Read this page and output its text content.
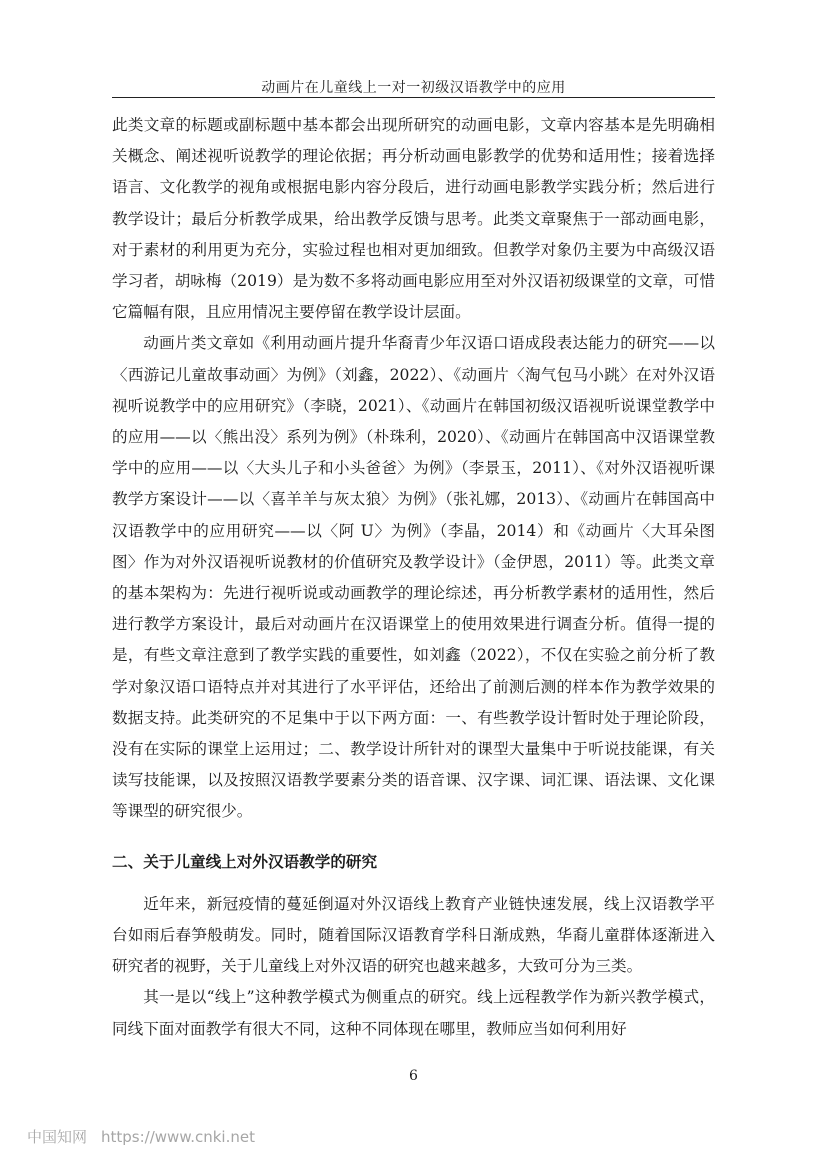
动画片在儿童线上一对一初级汉语教学中的应用

此类文章的标题或副标题中基本都会出现所研究的动画电影，文章内容基本是先明确相关概念、阐述视听说教学的理论依据；再分析动画电影教学的优势和适用性；接着选择语言、文化教学的视角或根据电影内容分段后，进行动画电影教学实践分析；然后进行教学设计；最后分析教学成果，给出教学反馈与思考。此类文章聚焦于一部动画电影，对于素材的利用更为充分，实验过程也相对更加细致。但教学对象仍主要为中高级汉语学习者，胡咏梅（2019）是为数不多将动画电影应用至对外汉语初级课堂的文章，可惜它篇幅有限，且应用情况主要停留在教学设计层面。

动画片类文章如《利用动画片提升华裔青少年汉语口语成段表达能力的研究——以〈西游记儿童故事动画〉为例》（刘鑫，2022）、《动画片〈淘气包马小跳〉在对外汉语视听说教学中的应用研究》（李晓，2021）、《动画片在韩国初级汉语视听说课堂教学中的应用——以〈熊出没〉系列为例》（朴珠利，2020）、《动画片在韩国高中汉语课堂教学中的应用——以〈大头儿子和小头爸爸〉为例》（李景玉，2011）、《对外汉语视听课教学方案设计——以〈喜羊羊与灰太狼〉为例》（张礼娜，2013）、《动画片在韩国高中汉语教学中的应用研究——以〈阿 U〉为例》（李晶，2014）和《动画片〈大耳朵图图〉作为对外汉语视听说教材的价值研究及教学设计》（金伊恩，2011）等。此类文章的基本架构为：先进行视听说或动画教学的理论综述，再分析教学素材的适用性，然后进行教学方案设计，最后对动画片在汉语课堂上的使用效果进行调查分析。值得一提的是，有些文章注意到了教学实践的重要性，如刘鑫（2022），不仅在实验之前分析了教学对象汉语口语特点并对其进行了水平评估，还给出了前测后测的样本作为教学效果的数据支持。此类研究的不足集中于以下两方面：一、有些教学设计暂时处于理论阶段，没有在实际的课堂上运用过；二、教学设计所针对的课型大量集中于听说技能课，有关读写技能课，以及按照汉语教学要素分类的语音课、汉字课、词汇课、语法课、文化课等课型的研究很少。

二、关于儿童线上对外汉语教学的研究

近年来，新冠疫情的蔓延倒逼对外汉语线上教育产业链快速发展，线上汉语教学平台如雨后春笋般萌发。同时，随着国际汉语教育学科日渐成熟，华裔儿童群体逐渐进入研究者的视野，关于儿童线上对外汉语的研究也越来越多，大致可分为三类。

其一是以“线上”这种教学模式为侧重点的研究。线上远程教学作为新兴教学模式，同线下面对面教学有很大不同，这种不同体现在哪里，教师应当如何利用好

6
中国知网 https://www.cnki.net
